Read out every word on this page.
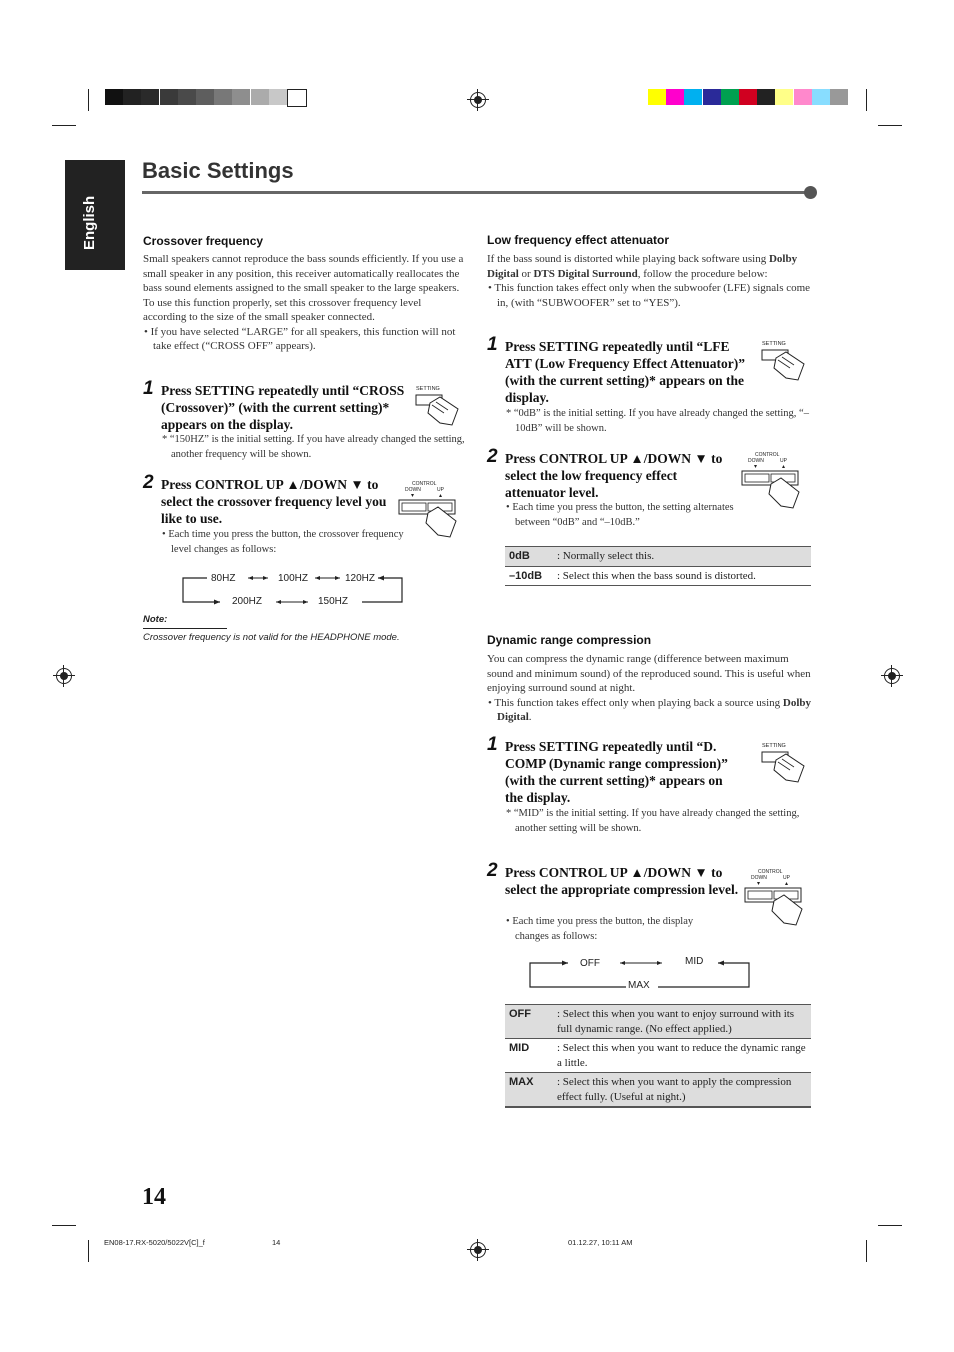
English
Basic Settings
Crossover frequency
Small speakers cannot reproduce the bass sounds efficiently. If you use a small speaker in any position, this receiver automatically reallocates the bass sound elements assigned to the small speaker to the large speakers.
To use this function properly, set this crossover frequency level according to the size of the small speaker connected.
• If you have selected “LARGE” for all speakers, this function will not take effect (“CROSS OFF” appears).
1 Press SETTING repeatedly until “CROSS (Crossover)” (with the current setting)* appears on the display.
* “150HZ” is the initial setting. If you have already changed the setting, another frequency will be shown.
2 Press CONTROL UP ▲/DOWN ▼ to select the crossover frequency level you like to use.
• Each time you press the button, the crossover frequency level changes as follows:
SETTING
CONTROL
DOWN	UP
80HZ	100HZ	120HZ
150HZ
200HZ
Note:
Crossover frequency is not valid for the HEADPHONE mode.
Low frequency effect attenuator
If the bass sound is distorted while playing back software using Dolby Digital or DTS Digital Surround, follow the procedure below:
• This function takes effect only when the subwoofer (LFE) signals come in, (with “SUBWOOFER” set to “YES”).
1 Press SETTING repeatedly until “LFE ATT (Low Frequency Effect Attenuator)” (with the current setting)* appears on the display.
* “0dB” is the initial setting. If you have already changed the setting, “–10dB” will be shown.
SETTING
2 Press CONTROL UP ▲/DOWN ▼ to select the low frequency effect attenuator level.
• Each time you press the button, the setting alternates between “0dB” and “–10dB.”
CONTROL
DOWN	UP
0dB	: Normally select this.
–10dB	: Select this when the bass sound is distorted.
Dynamic range compression
You can compress the dynamic range (difference between maximum sound and minimum sound) of the reproduced sound. This is useful when enjoying surround sound at night.
• This function takes effect only when playing back a source using Dolby Digital.
1 Press SETTING repeatedly until “D. COMP (Dynamic range compression)” (with the current setting)* appears on the display.
* “MID” is the initial setting. If you have already changed the setting, another setting will be shown.
SETTING
2 Press CONTROL UP ▲/DOWN ▼ to select the appropriate compression level.
• Each time you press the button, the display changes as follows:
CONTROL
DOWN	UP
OFF	MID
MAX
OFF	: Select this when you want to enjoy surround with its full dynamic range. (No effect applied.)
MID	: Select this when you want to reduce the dynamic range a little.
MAX	: Select this when you want to apply the compression effect fully. (Useful at night.)
14
EN08-17.RX-5020/5022V[C]_f	14	01.12.27, 10:11 AM
